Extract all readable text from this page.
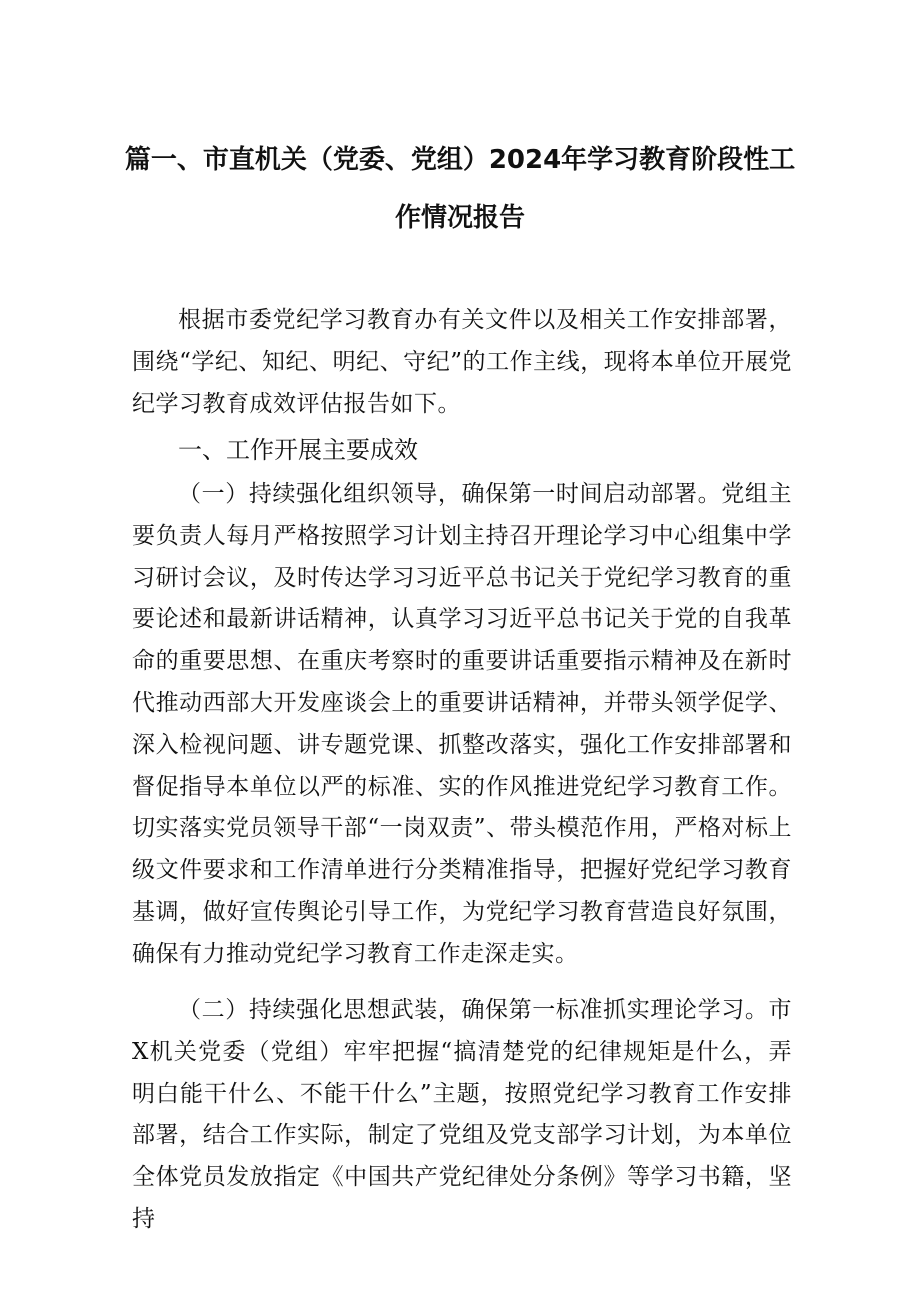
篇一、市直机关（党委、党组）2024年学习教育阶段性工
作情况报告
根据市委党纪学习教育办有关文件以及相关工作安排部署，围绕“学纪、知纪、明纪、守纪”的工作主线，现将本单位开展党纪学习教育成效评估报告如下。
一、工作开展主要成效
（一）持续强化组织领导，确保第一时间启动部署。党组主要负责人每月严格按照学习计划主持召开理论学习中心组集中学习研讨会议，及时传达学习习近平总书记关于党纪学习教育的重要论述和最新讲话精神，认真学习习近平总书记关于党的自我革命的重要思想、在重庆考察时的重要讲话重要指示精神及在新时代推动西部大开发座谈会上的重要讲话精神，并带头领学促学、深入检视问题、讲专题党课、抓整改落实，强化工作安排部署和督促指导本单位以严的标准、实的作风推进党纪学习教育工作。切实落实党员领导干部“一岗双责”、带头模范作用，严格对标上级文件要求和工作清单进行分类精准指导，把握好党纪学习教育基调，做好宣传舆论引导工作，为党纪学习教育营造良好氛围，确保有力推动党纪学习教育工作走深走实。
（二）持续强化思想武装，确保第一标准抓实理论学习。市X机关党委（党组）牢牢把握“搞清楚党的纪律规矩是什么，弄明白能干什么、不能干什么”主题，按照党纪学习教育工作安排部署，结合工作实际，制定了党组及党支部学习计划，为本单位全体党员发放指定《中国共产党纪律处分条例》等学习书籍，坚持
